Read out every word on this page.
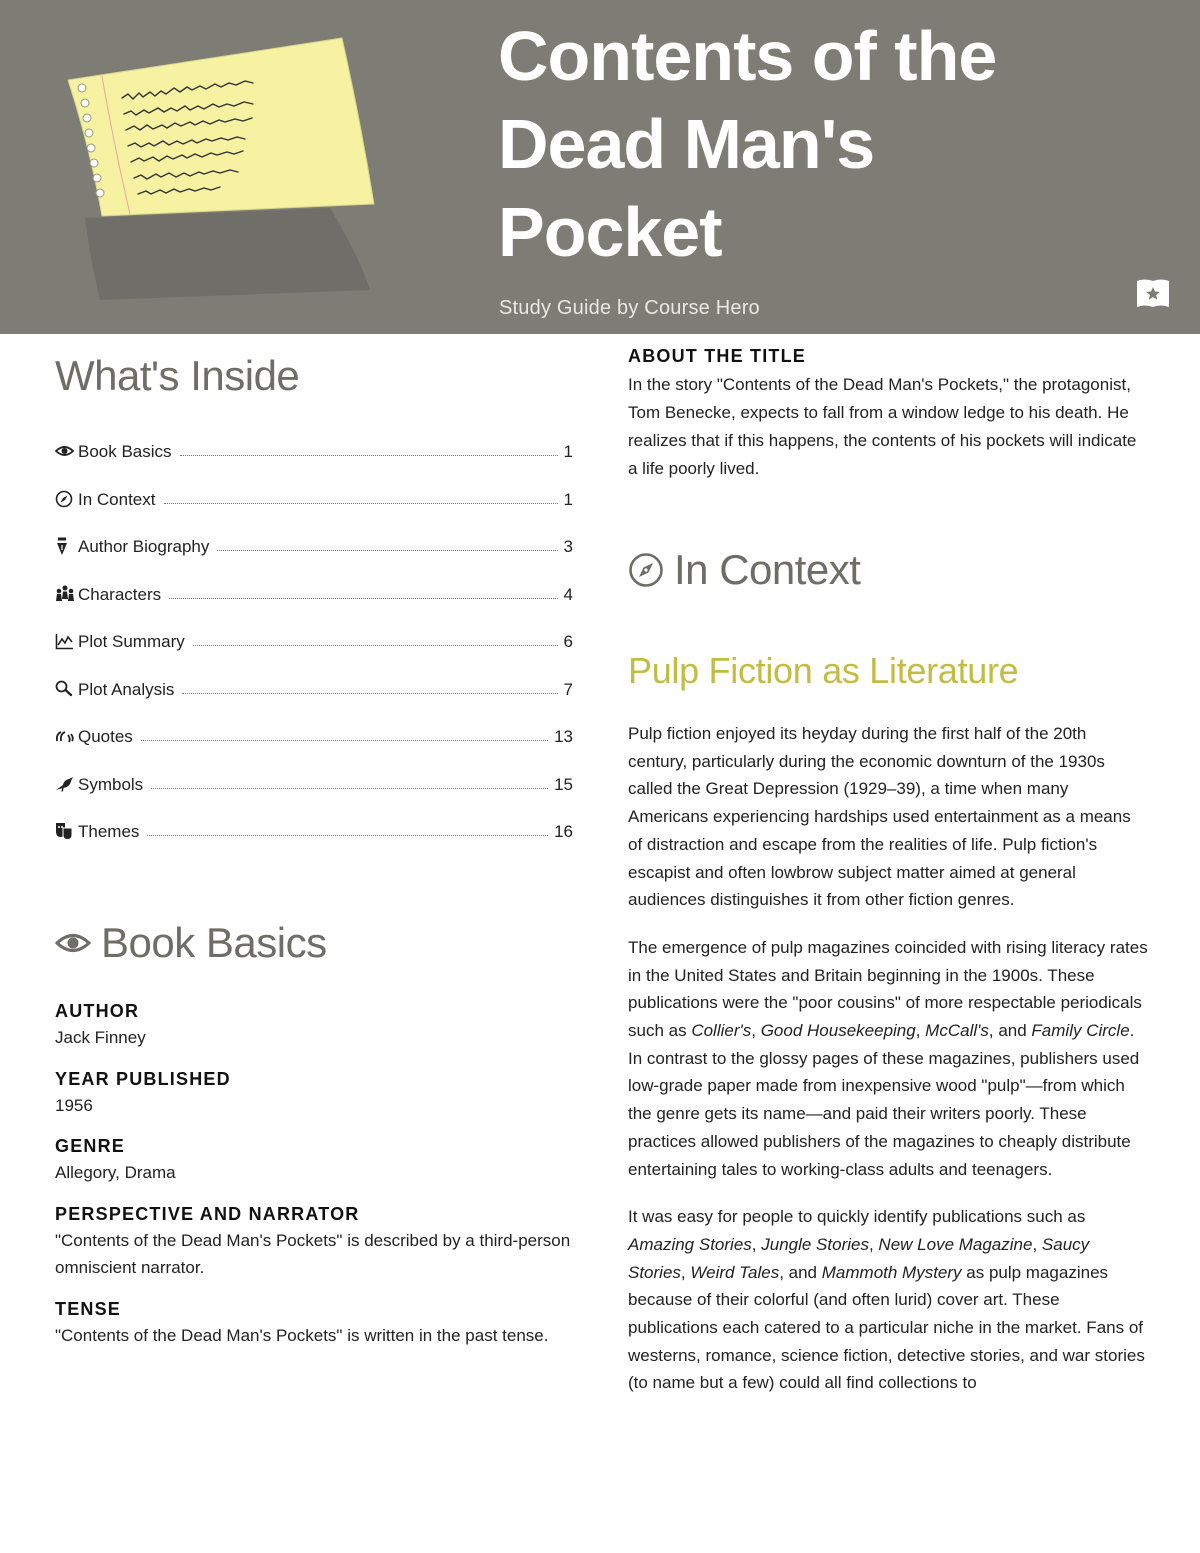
Contents of the
Dead Man's
Pocket
Study Guide by Course Hero
What's Inside
Book Basics	1
In Context	1
Author Biography	3
Characters	4
Plot Summary	6
Plot Analysis	7
Quotes	13
Symbols	15
Themes	16
Book Basics
AUTHOR
Jack Finney
YEAR PUBLISHED
1956
GENRE
Allegory, Drama
PERSPECTIVE AND NARRATOR
"Contents of the Dead Man's Pockets" is described by a third-person omniscient narrator.
TENSE
"Contents of the Dead Man's Pockets" is written in the past tense.
ABOUT THE TITLE
In the story "Contents of the Dead Man's Pockets," the protagonist, Tom Benecke, expects to fall from a window ledge to his death. He realizes that if this happens, the contents of his pockets will indicate a life poorly lived.
In Context
Pulp Fiction as Literature

Pulp fiction enjoyed its heyday during the first half of the 20th century, particularly during the economic downturn of the 1930s called the Great Depression (1929–39), a time when many Americans experiencing hardships used entertainment as a means of distraction and escape from the realities of life. Pulp fiction's escapist and often lowbrow subject matter aimed at general audiences distinguishes it from other fiction genres.

The emergence of pulp magazines coincided with rising literacy rates in the United States and Britain beginning in the 1900s. These publications were the "poor cousins" of more respectable periodicals such as Collier's, Good Housekeeping, McCall's, and Family Circle. In contrast to the glossy pages of these magazines, publishers used low-grade paper made from inexpensive wood "pulp"—from which the genre gets its name—and paid their writers poorly. These practices allowed publishers of the magazines to cheaply distribute entertaining tales to working-class adults and teenagers.

It was easy for people to quickly identify publications such as Amazing Stories, Jungle Stories, New Love Magazine, Saucy Stories, Weird Tales, and Mammoth Mystery as pulp magazines because of their colorful (and often lurid) cover art. These publications each catered to a particular niche in the market. Fans of westerns, romance, science fiction, detective stories, and war stories (to name but a few) could all find collections to
